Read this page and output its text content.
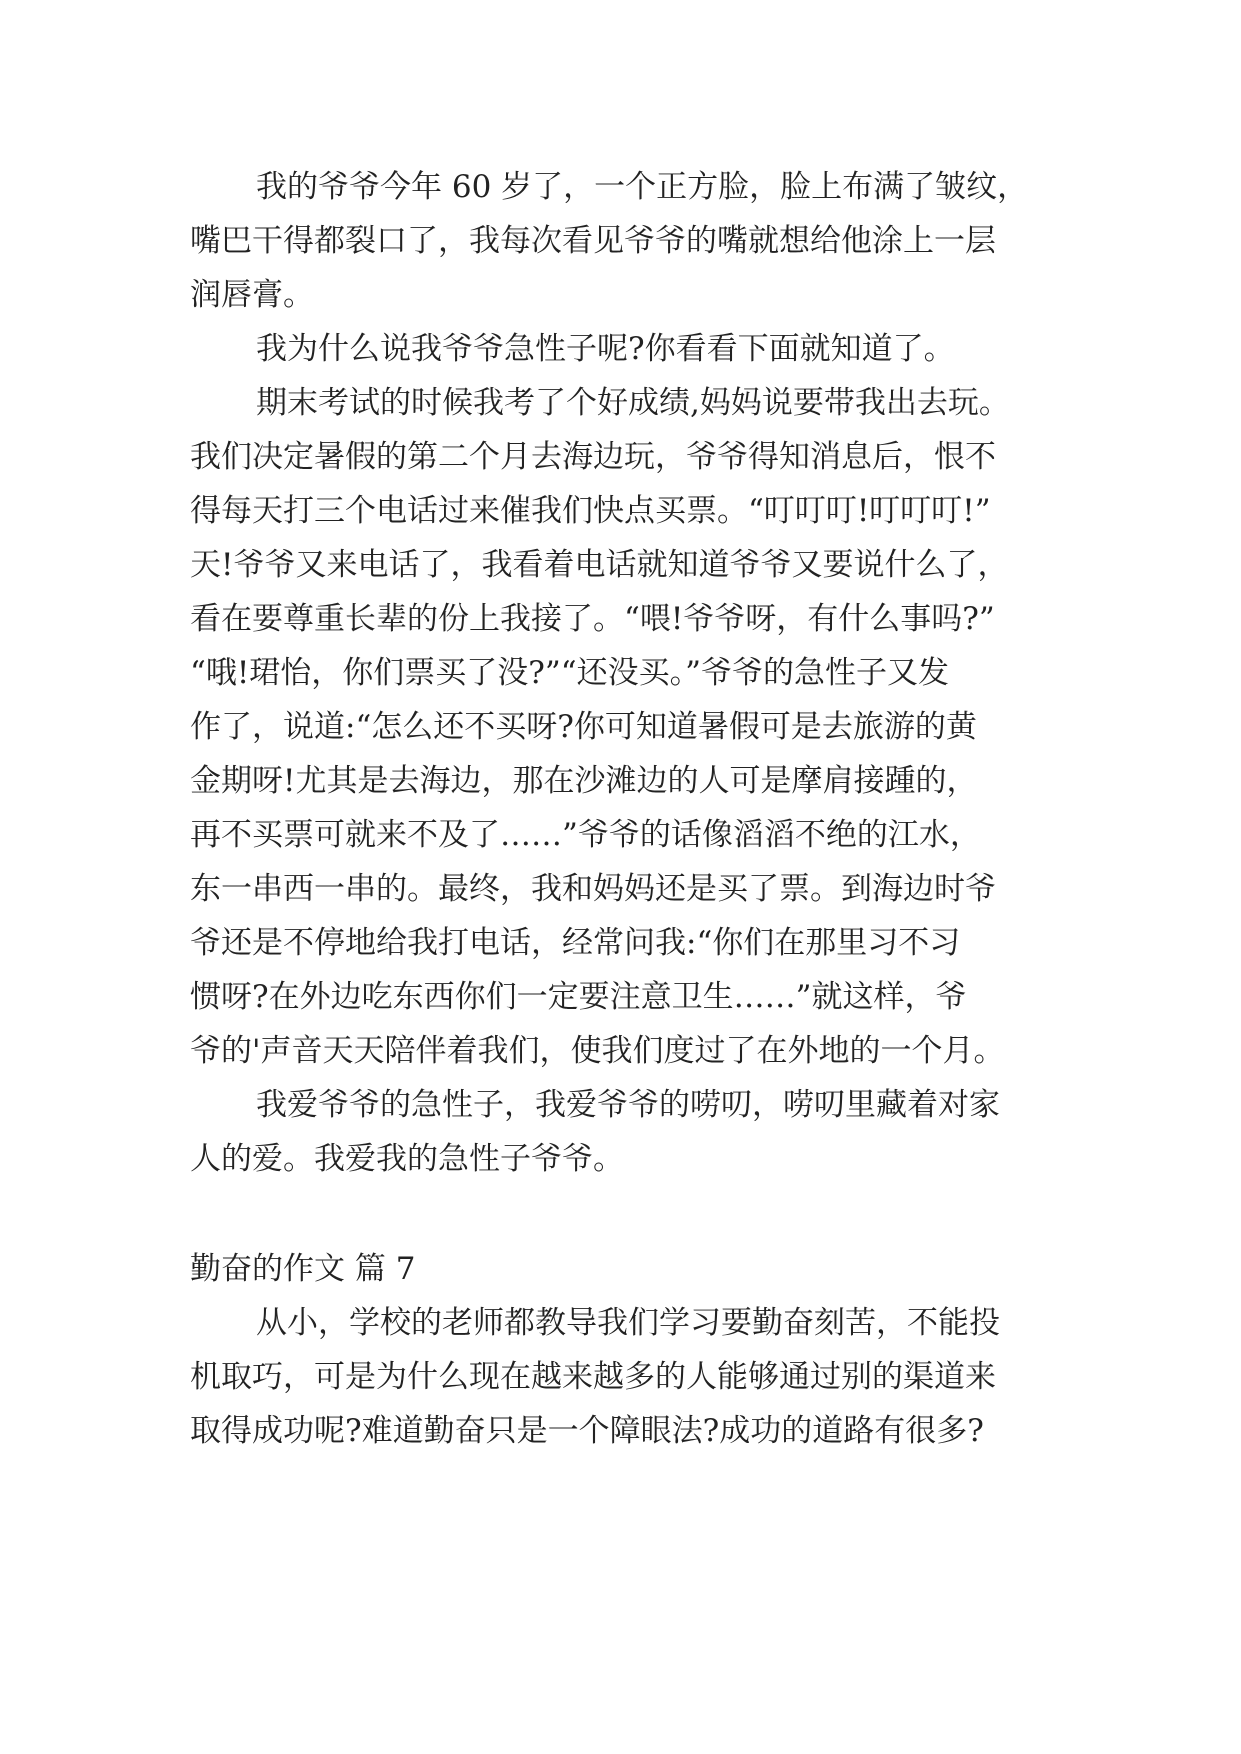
我的爷爷今年 60 岁了，一个正方脸，脸上布满了皱纹，
嘴巴干得都裂口了，我每次看见爷爷的嘴就想给他涂上一层
润唇膏。
我为什么说我爷爷急性子呢?你看看下面就知道了。
期末考试的时候我考了个好成绩,妈妈说要带我出去玩。
我们决定暑假的第二个月去海边玩，爷爷得知消息后，恨不
得每天打三个电话过来催我们快点买票。“叮叮叮!叮叮叮!”
天!爷爷又来电话了，我看着电话就知道爷爷又要说什么了，
看在要尊重长辈的份上我接了。“喂!爷爷呀，有什么事吗?”
“哦!珺怡，你们票买了没?”“还没买。”爷爷的急性子又发
作了，说道:“怎么还不买呀?你可知道暑假可是去旅游的黄
金期呀!尤其是去海边，那在沙滩边的人可是摩肩接踵的，
再不买票可就来不及了……”爷爷的话像滔滔不绝的江水，
东一串西一串的。最终，我和妈妈还是买了票。到海边时爷
爷还是不停地给我打电话，经常问我:“你们在那里习不习
惯呀?在外边吃东西你们一定要注意卫生……”就这样，爷
爷的'声音天天陪伴着我们，使我们度过了在外地的一个月。
我爱爷爷的急性子，我爱爷爷的唠叨，唠叨里藏着对家
人的爱。我爱我的急性子爷爷。
勤奋的作文 篇 7
从小，学校的老师都教导我们学习要勤奋刻苦，不能投
机取巧，可是为什么现在越来越多的人能够通过别的渠道来
取得成功呢?难道勤奋只是一个障眼法?成功的道路有很多?
